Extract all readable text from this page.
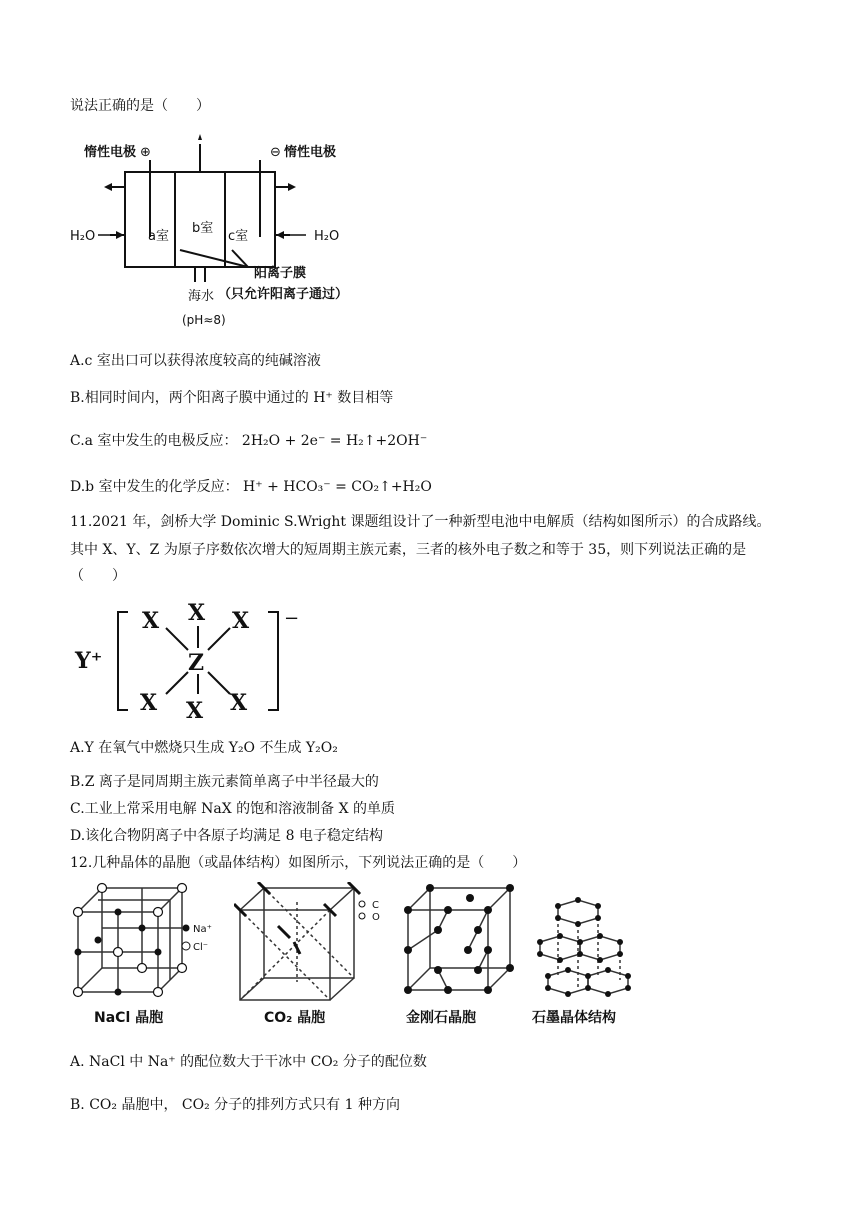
说法正确的是（　　）
惰性电极 ⊕	⊖ 惰性电极
H₂O	H₂O
a室
b室
c室
阳离子膜
（只允许阳离子通过）
海水
(pH≈8)
A.c 室出口可以获得浓度较高的纯碱溶液
B.相同时间内，两个阳离子膜中通过的 H⁺ 数目相等
C.a 室中发生的电极反应： 2H₂O + 2e⁻ = H₂↑+2OH⁻
D.b 室中发生的化学反应： H⁺ + HCO₃⁻ = CO₂↑+H₂O
11.2021 年，剑桥大学 Dominic S.Wright 课题组设计了一种新型电池中电解质（结构如图所示）的合成路线。
其中 X、Y、Z 为原子序数依次增大的短周期主族元素，三者的核外电子数之和等于 35，则下列说法正确的是
（　　）
Y⁺
−
Z
X
X	X
X X X
A.Y 在氧气中燃烧只生成 Y₂O 不生成 Y₂O₂
B.Z 离子是同周期主族元素简单离子中半径最大的
C.工业上常采用电解 NaX 的饱和溶液制备 X 的单质
D.该化合物阴离子中各原子均满足 8 电子稳定结构
12.几种晶体的晶胞（或晶体结构）如图所示，下列说法正确的是（　　）
Na⁺
Cl⁻
NaCl 晶胞
C
O
CO₂ 晶胞	金刚石晶胞	石墨晶体结构
A. NaCl 中 Na⁺ 的配位数大于干冰中 CO₂ 分子的配位数
B. CO₂ 晶胞中， CO₂ 分子的排列方式只有 1 种方向
